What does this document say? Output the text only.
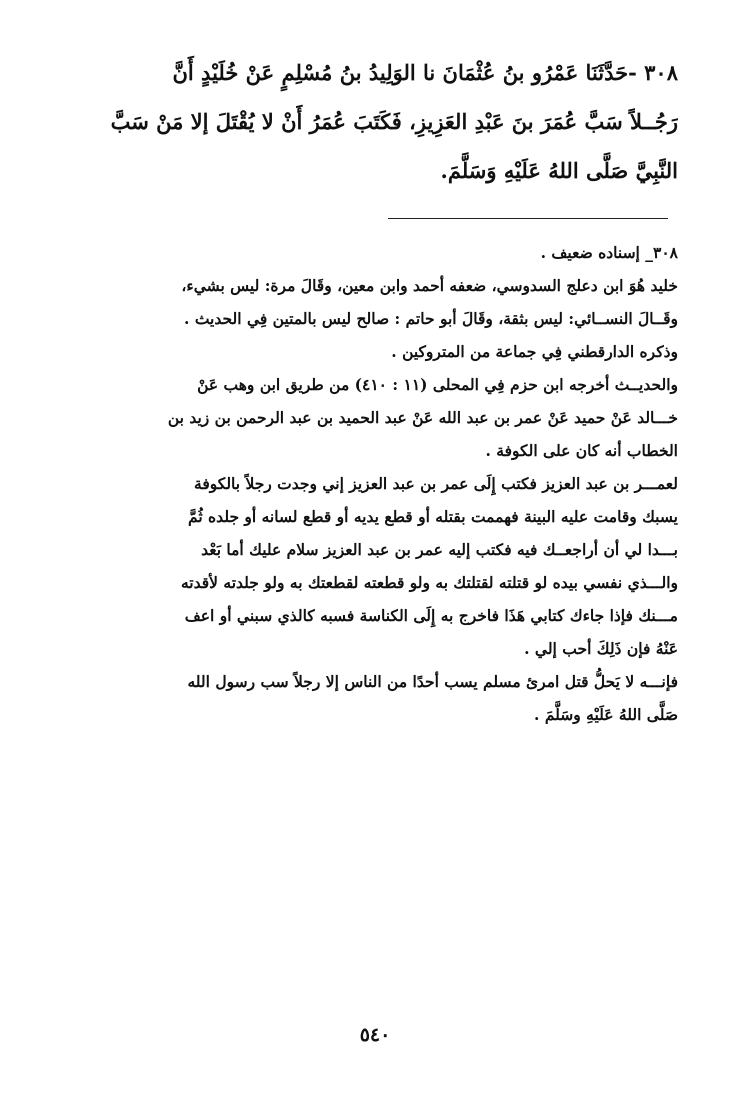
٣٠٨ -حَدَّثَنَا عَمْرُو بنُ عُثْمَانَ نا الوَلِيدُ بنُ مُسْلِمٍ عَنْ خُلَيْدٍ أَنَّ
رَجُــلاً سَبَّ عُمَرَ بنَ عَبْدِ العَزِيزِ، فَكَتَبَ عُمَرُ أَنْ لا يُقْتَلَ إلا مَنْ سَبَّ
النَّبِيَّ صَلَّى اللهُ عَلَيْهِ وَسَلَّمَ.
٣٠٨_ إسناده ضعيف .
خليد هُوَ ابن دعلج السدوسي، ضعفه أحمد وابن معين، وقَالَ مرة: ليس بشيء،
وقَــالَ النســائي: ليس بثقة، وقَالَ أبو حاتم : صالح ليس بالمتين فِي الحديث .
وذكره الدارقطني فِي جماعة من المتروكين .
والحديــث أخرجه ابن حزم فِي المحلى (١١ : ٤١٠) من طريق ابن وهب عَنْ
خـــالد عَنْ حميد عَنْ عمر بن عبد الله عَنْ عبد الحميد بن عبد الرحمن بن زيد بن
الخطاب أنه كان على الكوفة .
لعمـــر بن عبد العزيز فكتب إِلَى عمر بن عبد العزيز إني وجدت رجلاً بالكوفة
يسبك وقامت عليه البينة فهممت بقتله أو قطع يديه أو قطع لسانه أو جلده ثُمَّ
بـــدا لي أن أراجعــك فيه فكتب إليه عمر بن عبد العزيز سلام عليك أما بَعْد
والـــذي نفسي بيده لو قتلته لقتلتك به ولو قطعته لقطعتك به ولو جلدته لأقدته
مـــنك فإذا جاءك كتابي هَذَا فاخرج به إِلَى الكناسة فسبه كالذي سبني أو اعف
عَنْهُ فإن ذَلِكَ أحب إلي .
فإنـــه لا يَحلُّ قتل امرئ مسلم يسب أحدًا من الناس إلا رجلاً سب رسول الله
صَلَّى اللهُ عَلَيْهِ وسَلَّمَ .
٥٤٠
